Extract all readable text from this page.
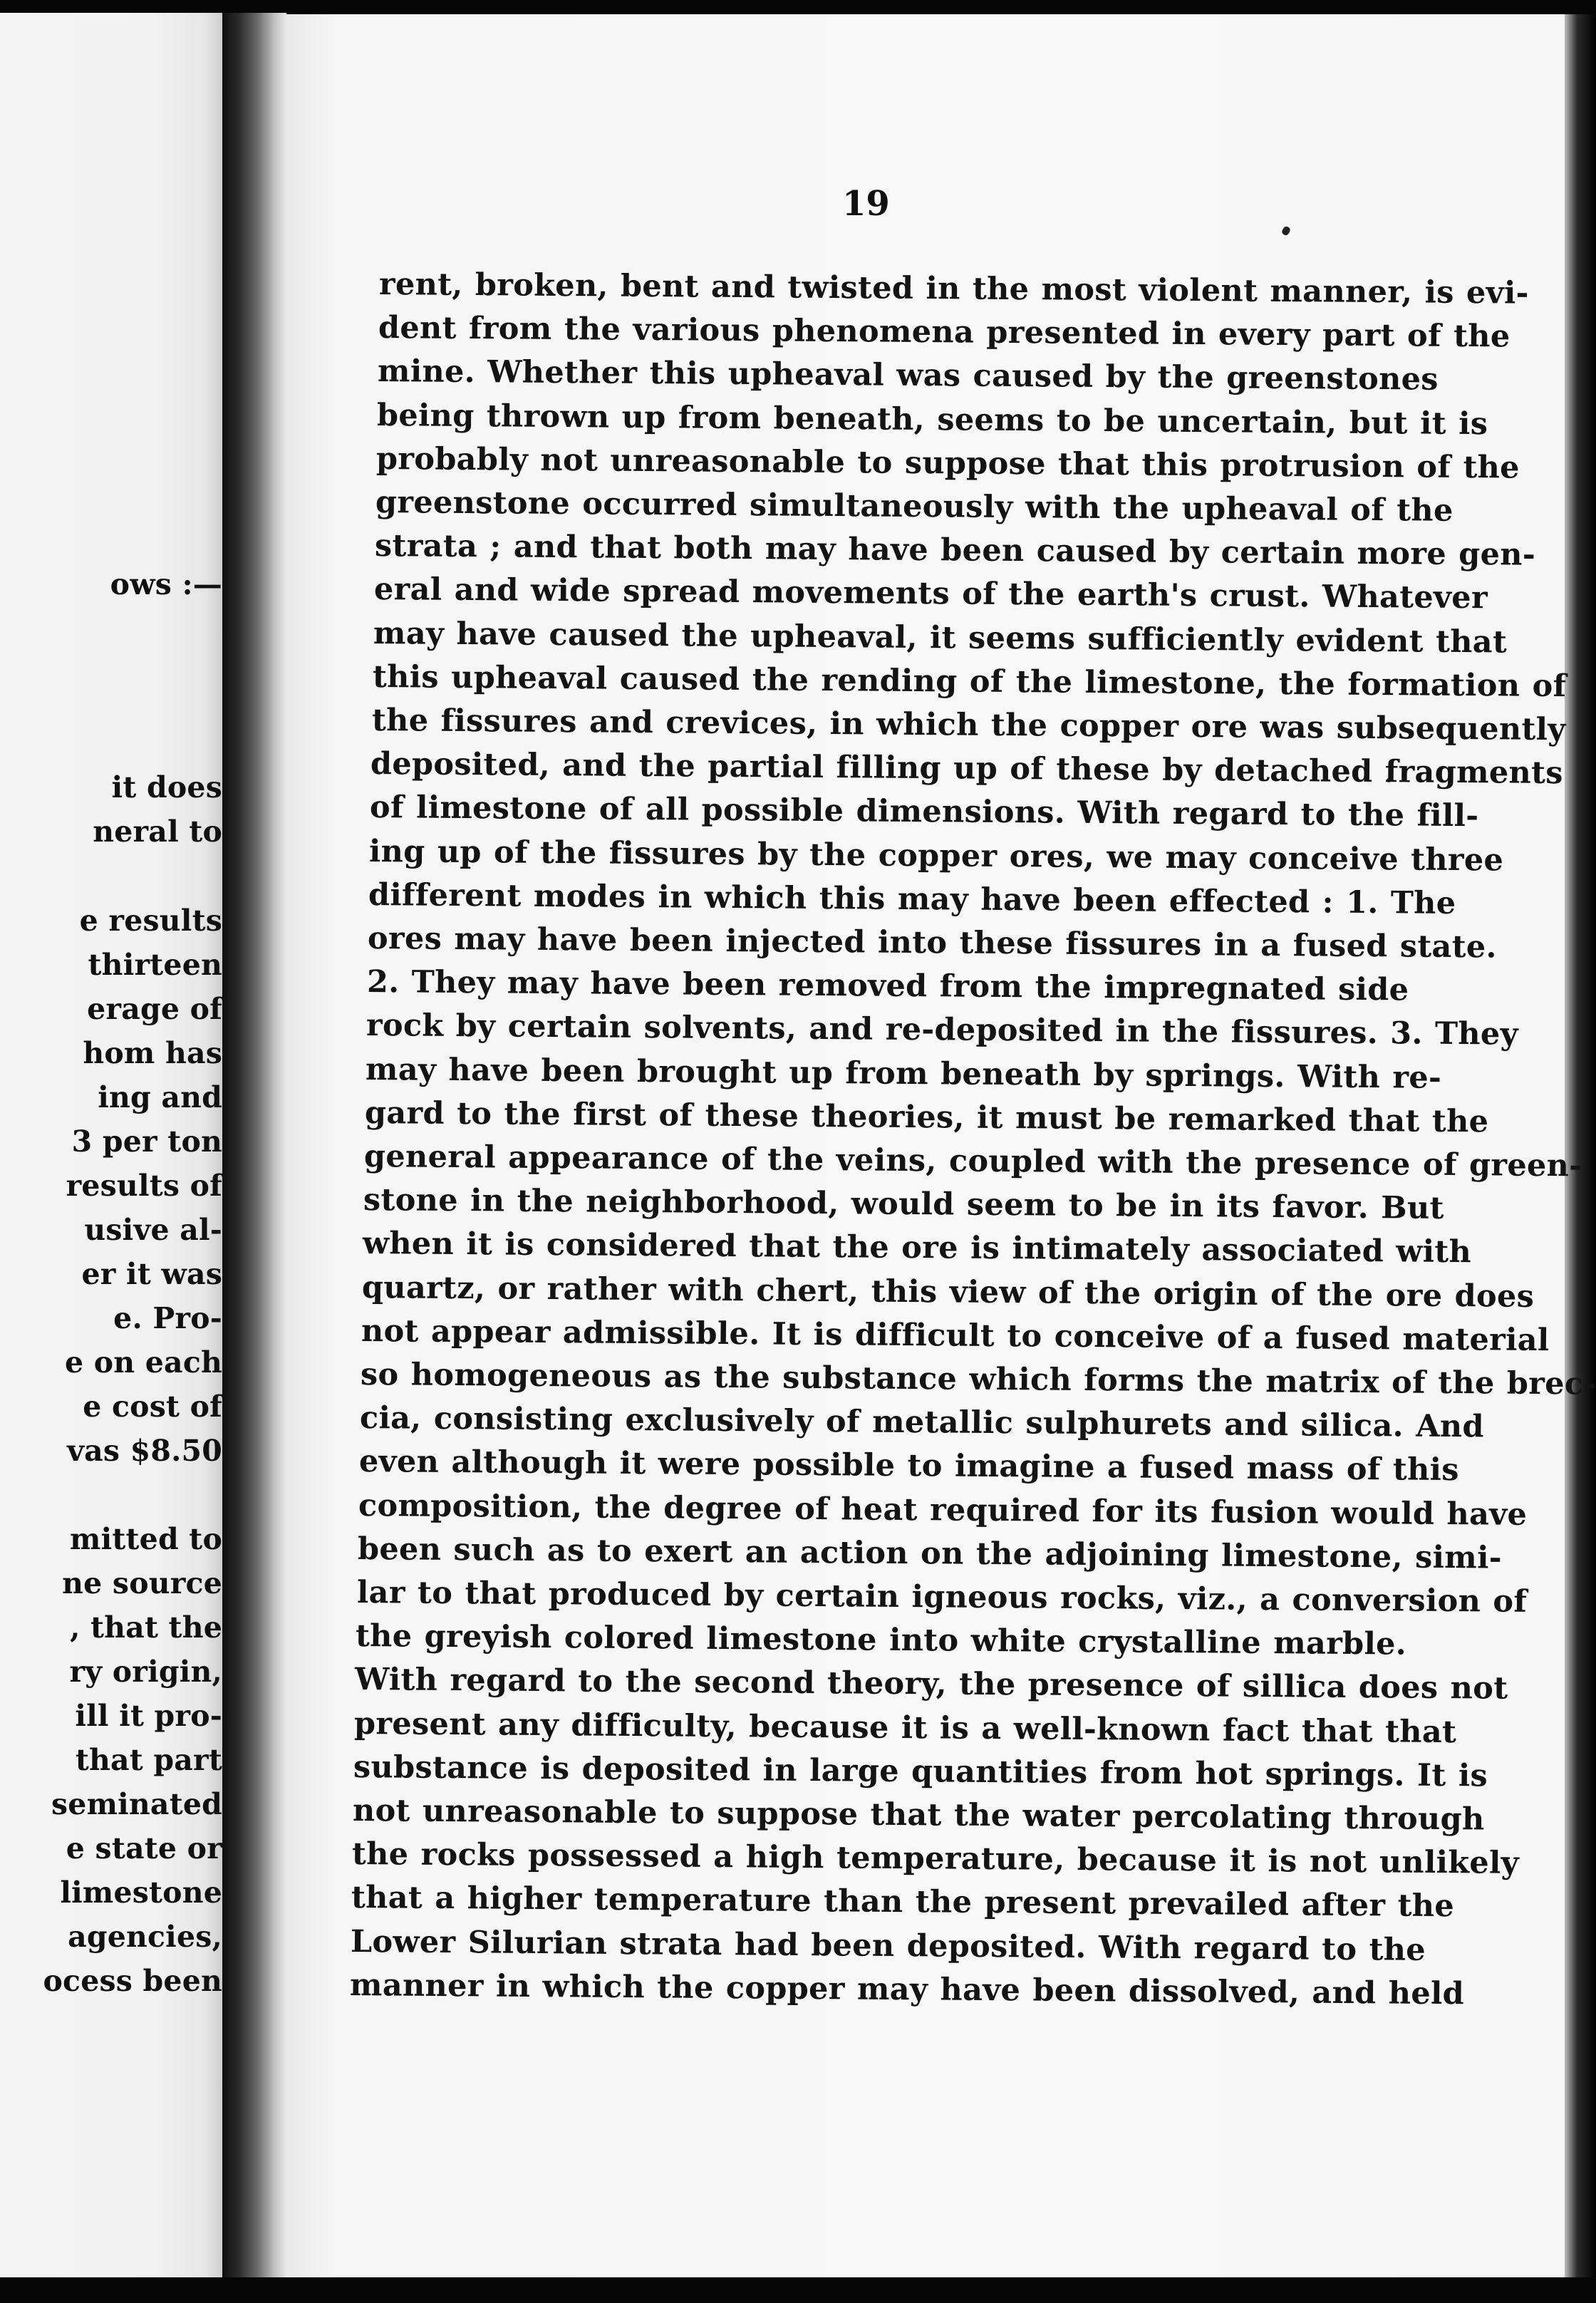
ows :—
it does
neral to
e results
thirteen
erage of
hom has
ing and
3 per ton
results of
usive al-
er it was
e. Pro-
e on each
e cost of
vas $8.50
mitted to
ne source
, that the
ry origin,
ill it pro-
that part
seminated
e state or
limestone
agencies,
ocess been
19
rent, broken, bent and twisted in the most violent manner, is evi-
dent from the various phenomena presented in every part of the
mine. Whether this upheaval was caused by the greenstones
being thrown up from beneath, seems to be uncertain, but it is
probably not unreasonable to suppose that this protrusion of the
greenstone occurred simultaneously with the upheaval of the
strata ; and that both may have been caused by certain more gen-
eral and wide spread movements of the earth's crust. Whatever
may have caused the upheaval, it seems sufficiently evident that
this upheaval caused the rending of the limestone, the formation of
the fissures and crevices, in which the copper ore was subsequently
deposited, and the partial filling up of these by detached fragments
of limestone of all possible dimensions. With regard to the fill-
ing up of the fissures by the copper ores, we may conceive three
different modes in which this may have been effected : 1. The
ores may have been injected into these fissures in a fused state.
2. They may have been removed from the impregnated side
rock by certain solvents, and re-deposited in the fissures. 3. They
may have been brought up from beneath by springs. With re-
gard to the first of these theories, it must be remarked that the
general appearance of the veins, coupled with the presence of green-
stone in the neighborhood, would seem to be in its favor. But
when it is considered that the ore is intimately associated with
quartz, or rather with chert, this view of the origin of the ore does
not appear admissible. It is difficult to conceive of a fused material
so homogeneous as the substance which forms the matrix of the brec-
cia, consisting exclusively of metallic sulphurets and silica. And
even although it were possible to imagine a fused mass of this
composition, the degree of heat required for its fusion would have
been such as to exert an action on the adjoining limestone, simi-
lar to that produced by certain igneous rocks, viz., a conversion of
the greyish colored limestone into white crystalline marble.
With regard to the second theory, the presence of sillica does not
present any difficulty, because it is a well-known fact that that
substance is deposited in large quantities from hot springs. It is
not unreasonable to suppose that the water percolating through
the rocks possessed a high temperature, because it is not unlikely
that a higher temperature than the present prevailed after the
Lower Silurian strata had been deposited. With regard to the
manner in which the copper may have been dissolved, and held
